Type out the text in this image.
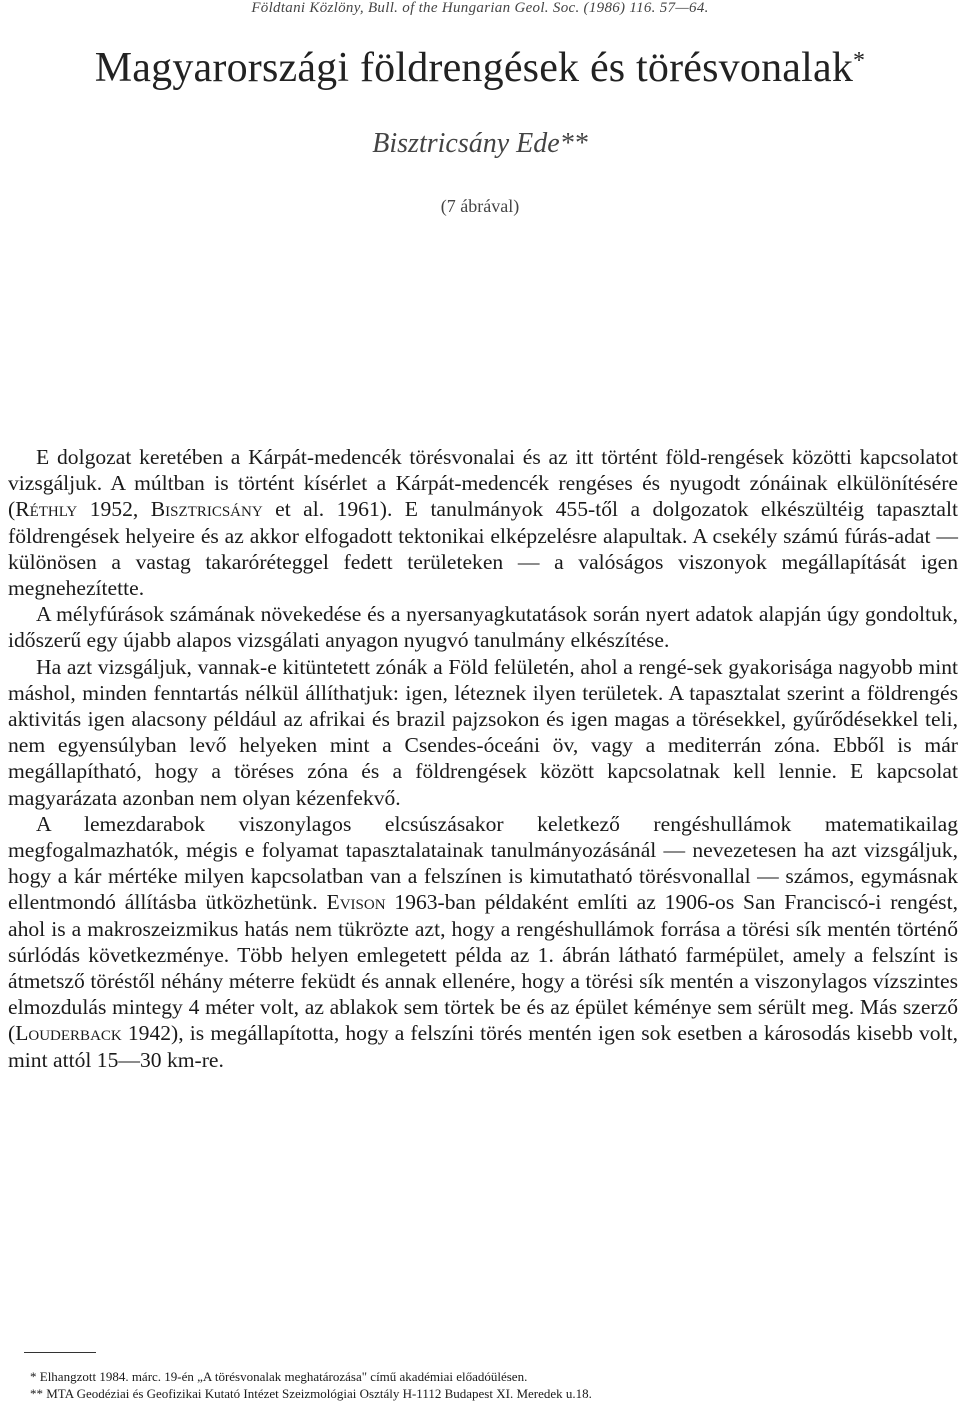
Földtani Közlöny, Bull. of the Hungarian Geol. Soc. (1986) 116. 57—64.
Magyarországi földrengések és törésvonalak*
Bisztricsány Ede**
(7 ábrával)

E dolgozat keretében a Kárpát-medencék törésvonalai és az itt történt föld-rengések közötti kapcsolatot vizsgáljuk. A múltban is történt kísérlet a Kárpát-medencék rengéses és nyugodt zónáinak elkülönítésére (Réthly 1952, Bisztricsány et al. 1961). E tanulmányok 455-től a dolgozatok elkészültéig tapasztalt földrengések helyeire és az akkor elfogadott tektonikai elképzelésre alapultak. A csekély számú fúrás-adat — különösen a vastag takaróréteggel fedett területeken — a valóságos viszonyok megállapítását igen megnehezítette.

A mélyfúrások számának növekedése és a nyersanyagkutatások során nyert adatok alapján úgy gondoltuk, időszerű egy újabb alapos vizsgálati anyagon nyugvó tanulmány elkészítése.

Ha azt vizsgáljuk, vannak-e kitüntetett zónák a Föld felületén, ahol a rengé-sek gyakorisága nagyobb mint máshol, minden fenntartás nélkül állíthatjuk: igen, léteznek ilyen területek. A tapasztalat szerint a földrengés aktivitás igen alacsony például az afrikai és brazil pajzsokon és igen magas a törésekkel, gyűrődésekkel teli, nem egyensúlyban levő helyeken mint a Csendes-óceáni öv, vagy a mediterrán zóna. Ebből is már megállapítható, hogy a töréses zóna és a földrengések között kapcsolatnak kell lennie. E kapcsolat magyarázata azonban nem olyan kézenfekvő.

A lemezdarabok viszonylagos elcsúszásakor keletkező rengéshullámok matematikailag megfogalmazhatók, mégis e folyamat tapasztalatainak tanulmányozásánál — nevezetesen ha azt vizsgáljuk, hogy a kár mértéke milyen kapcsolatban van a felszínen is kimutatható törésvonallal — számos, egymásnak ellentmondó állításba ütközhetünk. Evison 1963-ban példaként említi az 1906-os San Franciscó-i rengést, ahol is a makroszeizmikus hatás nem tükrözte azt, hogy a rengéshullámok forrása a törési sík mentén történő súrlódás következménye. Több helyen emlegetett példa az 1. ábrán látható farmépület, amely a felszínt is átmetsző töréstől néhány méterre feküdt és annak ellenére, hogy a törési sík mentén a viszonylagos vízszintes elmozdulás mintegy 4 méter volt, az ablakok sem törtek be és az épület kéménye sem sérült meg. Más szerző (Louderback 1942), is megállapította, hogy a felszíni törés mentén igen sok esetben a károsodás kisebb volt, mint attól 15—30 km-re.

* Elhangzott 1984. márc. 19-én „A törésvonalak meghatározása" című akadémiai előadóülésen.
** MTA Geodéziai és Geofizikai Kutató Intézet Szeizmológiai Osztály H-1112 Budapest XI. Meredek u.18.
